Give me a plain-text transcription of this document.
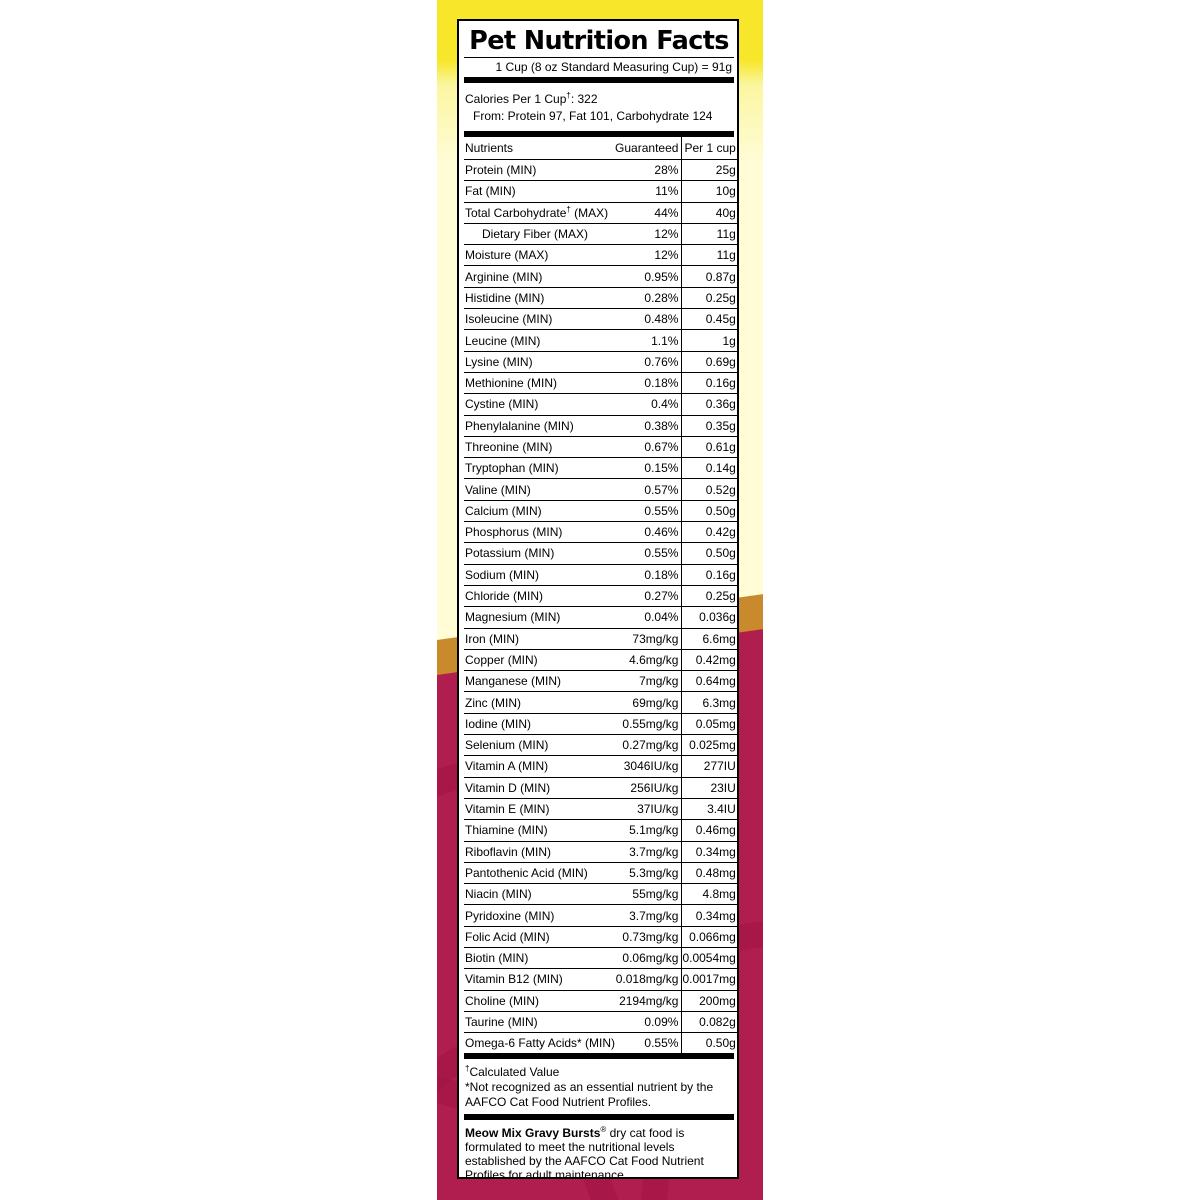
Pet Nutrition Facts
1 Cup (8 oz Standard Measuring Cup) = 91g
Calories Per 1 Cup†: 322
From: Protein 97, Fat 101, Carbohydrate 124
Nutrients	Guaranteed		Per 1 cup
Protein (MIN)	28%		25g
Fat (MIN)	11%		10g
Total Carbohydrate† (MAX)	44%		40g
Dietary Fiber (MAX)	12%		11g
Moisture (MAX)	12%		11g
Arginine (MIN)	0.95%		0.87g
Histidine (MIN)	0.28%		0.25g
Isoleucine (MIN)	0.48%		0.45g
Leucine (MIN)	1.1%		1g
Lysine (MIN)	0.76%		0.69g
Methionine (MIN)	0.18%		0.16g
Cystine (MIN)	0.4%		0.36g
Phenylalanine (MIN)	0.38%		0.35g
Threonine (MIN)	0.67%		0.61g
Tryptophan (MIN)	0.15%		0.14g
Valine (MIN)	0.57%		0.52g
Calcium (MIN)	0.55%		0.50g
Phosphorus (MIN)	0.46%		0.42g
Potassium (MIN)	0.55%		0.50g
Sodium (MIN)	0.18%		0.16g
Chloride (MIN)	0.27%		0.25g
Magnesium (MIN)	0.04%		0.036g
Iron (MIN)	73mg/kg		6.6mg
Copper (MIN)	4.6mg/kg		0.42mg
Manganese (MIN)	7mg/kg		0.64mg
Zinc (MIN)	69mg/kg		6.3mg
Iodine (MIN)	0.55mg/kg		0.05mg
Selenium (MIN)	0.27mg/kg		0.025mg
Vitamin A (MIN)	3046IU/kg		277IU
Vitamin D (MIN)	256IU/kg		23IU
Vitamin E (MIN)	37IU/kg		3.4IU
Thiamine (MIN)	5.1mg/kg		0.46mg
Riboflavin (MIN)	3.7mg/kg		0.34mg
Pantothenic Acid (MIN)	5.3mg/kg		0.48mg
Niacin (MIN)	55mg/kg		4.8mg
Pyridoxine (MIN)	3.7mg/kg		0.34mg
Folic Acid (MIN)	0.73mg/kg		0.066mg
Biotin (MIN)	0.06mg/kg		0.0054mg
Vitamin B12 (MIN)	0.018mg/kg		0.0017mg
Choline (MIN)	2194mg/kg		200mg
Taurine (MIN)	0.09%		0.082g
Omega-6 Fatty Acids* (MIN)	0.55%		0.50g
†Calculated Value
*Not recognized as an essential nutrient by the AAFCO Cat Food Nutrient Profiles.
Meow Mix Gravy Bursts® dry cat food is formulated to meet the nutritional levels established by the AAFCO Cat Food Nutrient Profiles for adult maintenance.
